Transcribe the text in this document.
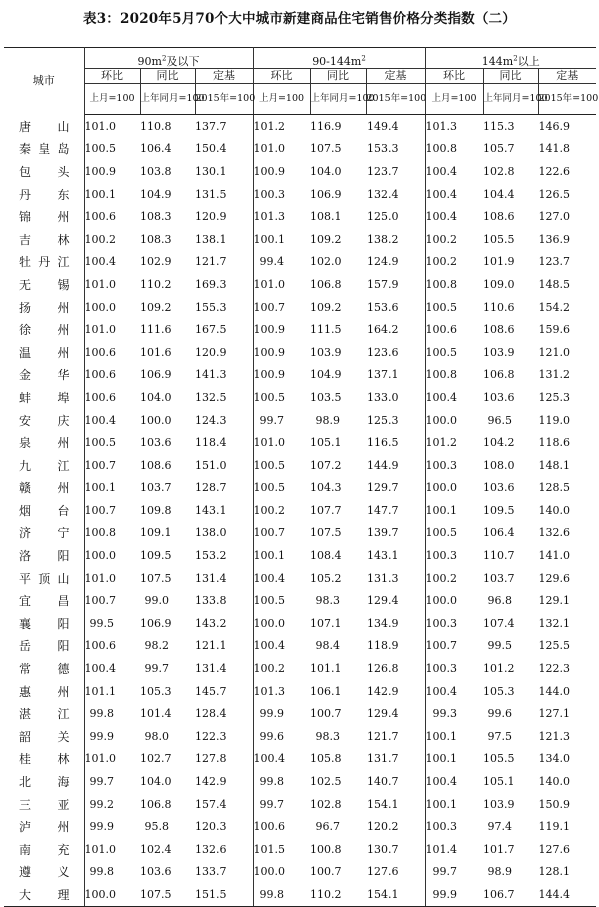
表3：2020年5月70个大中城市新建商品住宅销售价格分类指数（二）
城市	$90m^2$及以下			$90-144m^2$			$144m^2$以上		
	环比	同比	定基	环比	同比	定基	环比	同比	定基
	上月=100	上年同月=100	2015年=100	上月=100	上年同月=100	2015年=100	上月=100	上年同月=100	2015年=100
唐山	101.0	110.8	137.7	101.2	116.9	149.4	101.3	115.3	146.9
秦皇岛	100.5	106.4	150.4	101.0	107.5	153.3	100.8	105.7	141.8
包头	100.9	103.8	130.1	100.9	104.0	123.7	100.4	102.8	122.6
丹东	100.1	104.9	131.5	100.3	106.9	132.4	100.4	104.4	126.5
锦州	100.6	108.3	120.9	101.3	108.1	125.0	100.4	108.6	127.0
吉林	100.2	108.3	138.1	100.1	109.2	138.2	100.2	105.5	136.9
牡丹江	100.4	102.9	121.7	99.4	102.0	124.9	100.2	101.9	123.7
无锡	101.0	110.2	169.3	101.0	106.8	157.9	100.8	109.0	148.5
扬州	100.0	109.2	155.3	100.7	109.2	153.6	100.5	110.6	154.2
徐州	101.0	111.6	167.5	100.9	111.5	164.2	100.6	108.6	159.6
温州	100.6	101.6	120.9	100.9	103.9	123.6	100.5	103.9	121.0
金华	100.6	106.9	141.3	100.9	104.9	137.1	100.8	106.8	131.2
蚌埠	100.6	104.0	132.5	100.5	103.5	133.0	100.4	103.6	125.3
安庆	100.4	100.0	124.3	99.7	98.9	125.3	100.0	96.5	119.0
泉州	100.5	103.6	118.4	101.0	105.1	116.5	101.2	104.2	118.6
九江	100.7	108.6	151.0	100.5	107.2	144.9	100.3	108.0	148.1
赣州	100.1	103.7	128.7	100.5	104.3	129.7	100.0	103.6	128.5
烟台	100.7	109.8	143.1	100.2	107.7	147.7	100.1	109.5	140.0
济宁	100.8	109.1	138.0	100.7	107.5	139.7	100.5	106.4	132.6
洛阳	100.0	109.5	153.2	100.1	108.4	143.1	100.3	110.7	141.0
平顶山	101.0	107.5	131.4	100.4	105.2	131.3	100.2	103.7	129.6
宜昌	100.7	99.0	133.8	100.5	98.3	129.4	100.0	96.8	129.1
襄阳	99.5	106.9	143.2	100.0	107.1	134.9	100.3	107.4	132.1
岳阳	100.6	98.2	121.1	100.4	98.4	118.9	100.7	99.5	125.5
常德	100.4	99.7	131.4	100.2	101.1	126.8	100.3	101.2	122.3
惠州	101.1	105.3	145.7	101.3	106.1	142.9	100.4	105.3	144.0
湛江	99.8	101.4	128.4	99.9	100.7	129.4	99.3	99.6	127.1
韶关	99.9	98.0	122.3	99.6	98.3	121.7	100.1	97.5	121.3
桂林	101.0	102.7	127.8	100.4	105.8	131.7	100.1	105.5	134.0
北海	99.7	104.0	142.9	99.8	102.5	140.7	100.4	105.1	140.0
三亚	99.2	106.8	157.4	99.7	102.8	154.1	100.1	103.9	150.9
泸州	99.9	95.8	120.3	100.6	96.7	120.2	100.3	97.4	119.1
南充	101.0	102.4	132.6	101.5	100.8	130.7	101.4	101.7	127.6
遵义	99.8	103.6	133.7	100.0	100.7	127.6	99.7	98.9	128.1
大理	100.0	107.5	151.5	99.8	110.2	154.1	99.9	106.7	144.4
